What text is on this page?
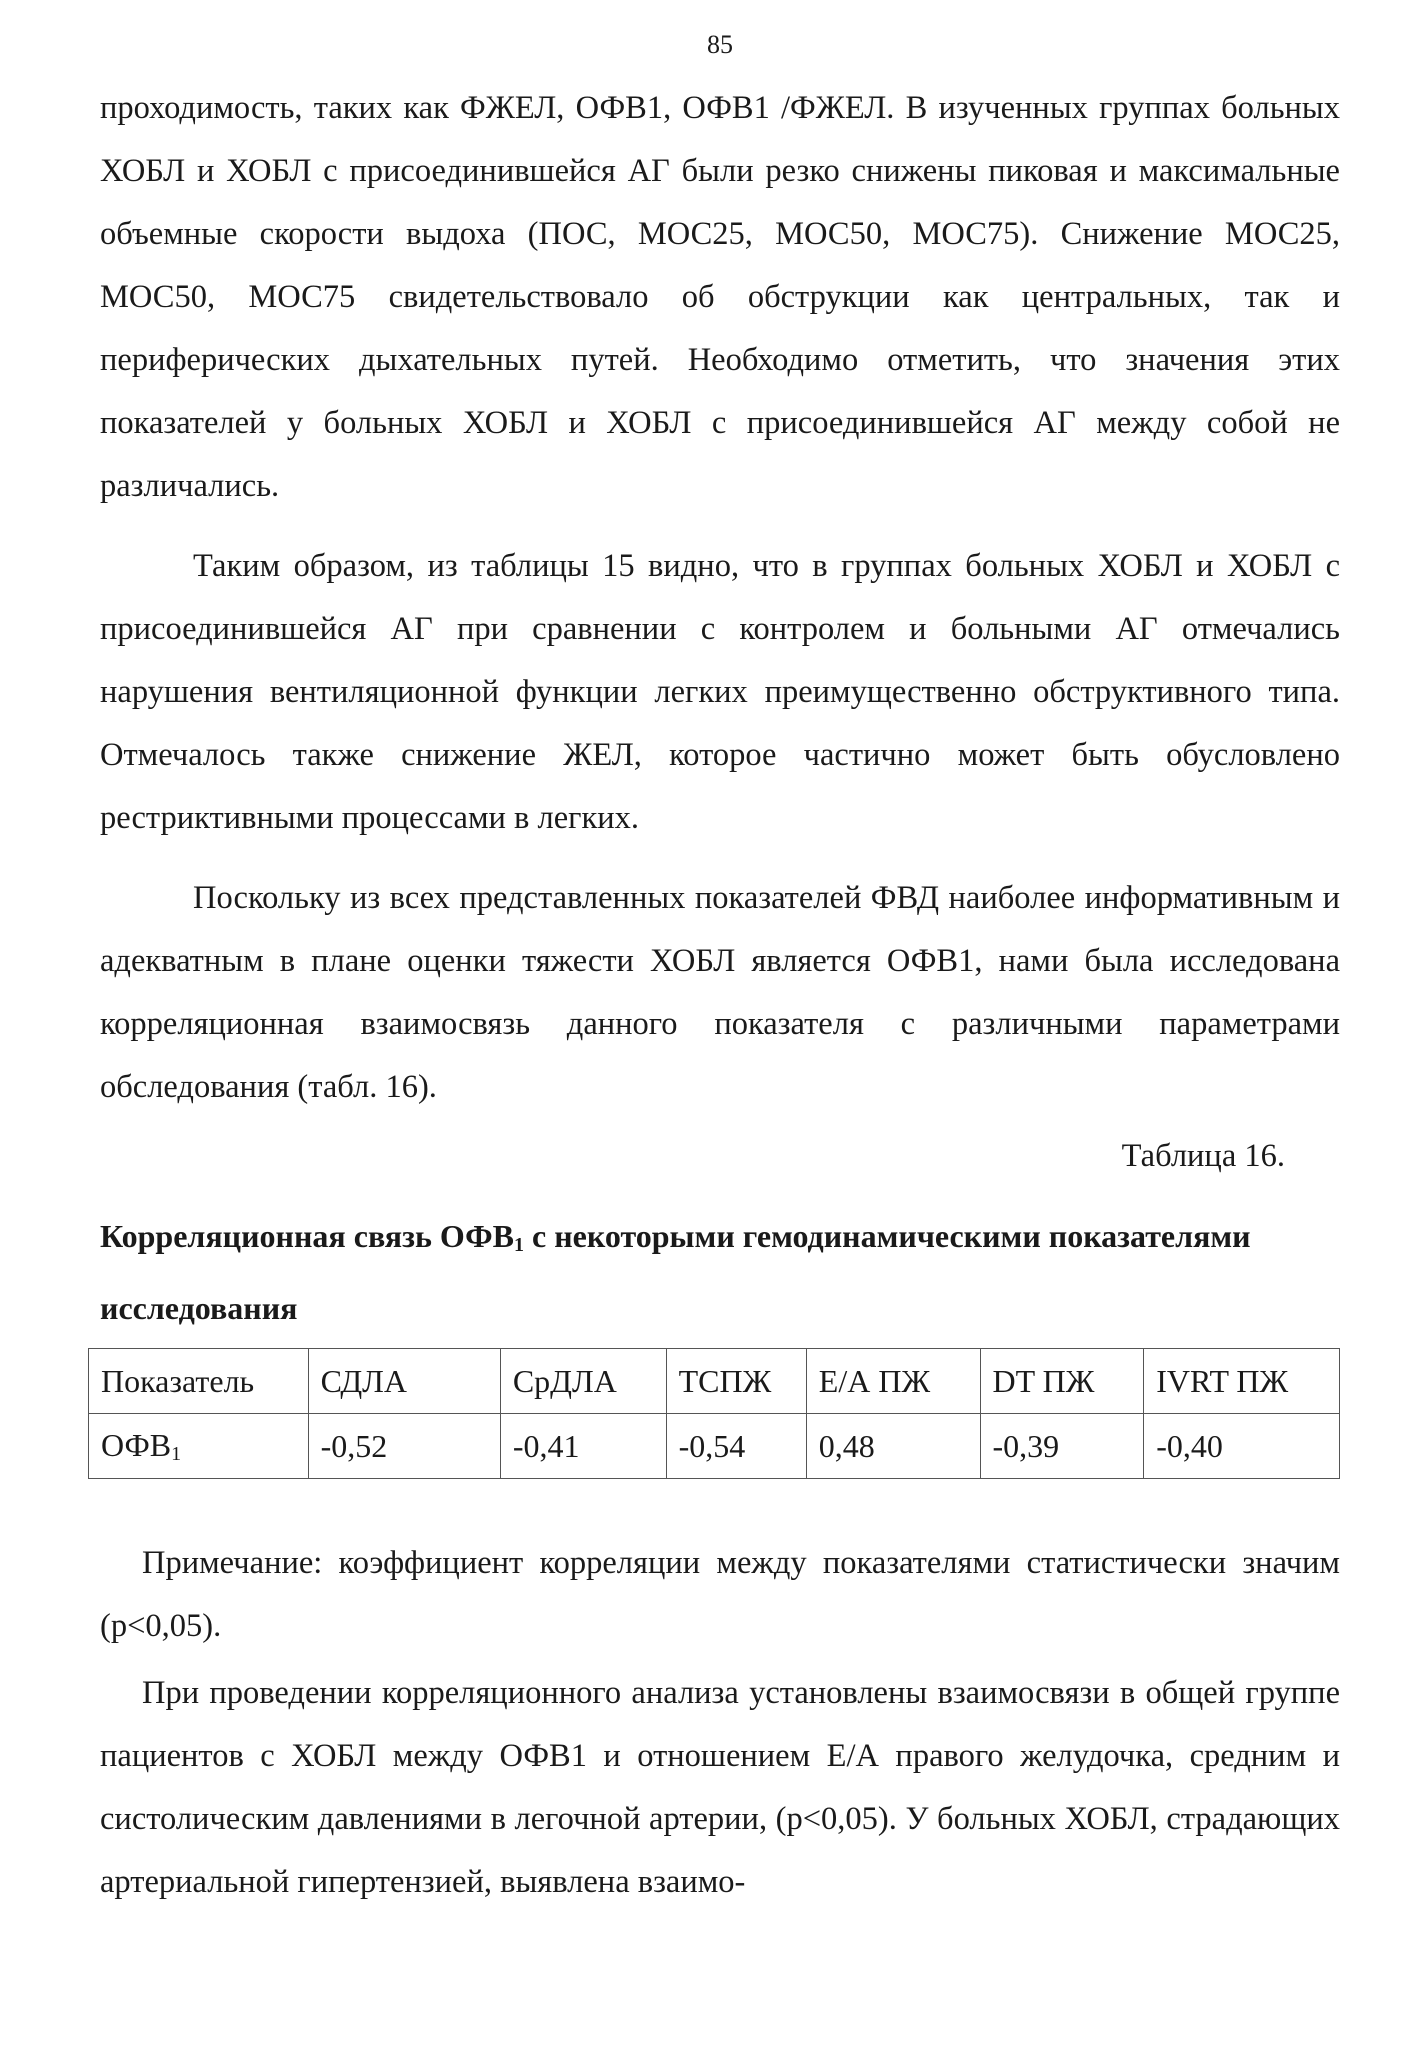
85

проходимость, таких как ФЖЕЛ, ОФВ1, ОФВ1 /ФЖЕЛ. В изученных группах больных ХОБЛ и ХОБЛ с присоединившейся АГ были резко снижены пиковая и максимальные объемные скорости выдоха (ПОС, МОС25, МОС50, МОС75). Снижение МОС25, МОС50, МОС75 свидетельствовало об обструкции как центральных, так и периферических дыхательных путей. Необходимо отметить, что значения этих показателей у больных ХОБЛ и ХОБЛ с присоединившейся АГ между собой не различались.

Таким образом, из таблицы 15 видно, что в группах больных ХОБЛ и ХОБЛ с присоединившейся АГ при сравнении с контролем и больными АГ отмечались нарушения вентиляционной функции легких преимущественно обструктивного типа. Отмечалось также снижение ЖЕЛ, которое частично может быть обусловлено рестриктивными процессами в легких.

Поскольку из всех представленных показателей ФВД наиболее информативным и адекватным в плане оценки тяжести ХОБЛ является ОФВ1, нами была исследована корреляционная взаимосвязь данного показателя с различными параметрами обследования (табл. 16).

Таблица 16.

Корреляционная связь $ОФВ_1$ с некоторыми гемодинамическими показателями исследования

Показатель	СДЛА	СрДЛА	ТСПЖ	Е/А ПЖ	DT ПЖ	IVRT ПЖ
$ОФВ_1$	-0,52	-0,41	-0,54	0,48	-0,39	-0,40

Примечание: коэффициент корреляции между показателями статистически значим (p<0,05).

При проведении корреляционного анализа установлены взаимосвязи в общей группе пациентов с ХОБЛ между ОФВ1 и отношением Е/А правого желудочка, средним и систолическим давлениями в легочной артерии, (p<0,05). У больных ХОБЛ, страдающих артериальной гипертензией, выявлена взаимо-
